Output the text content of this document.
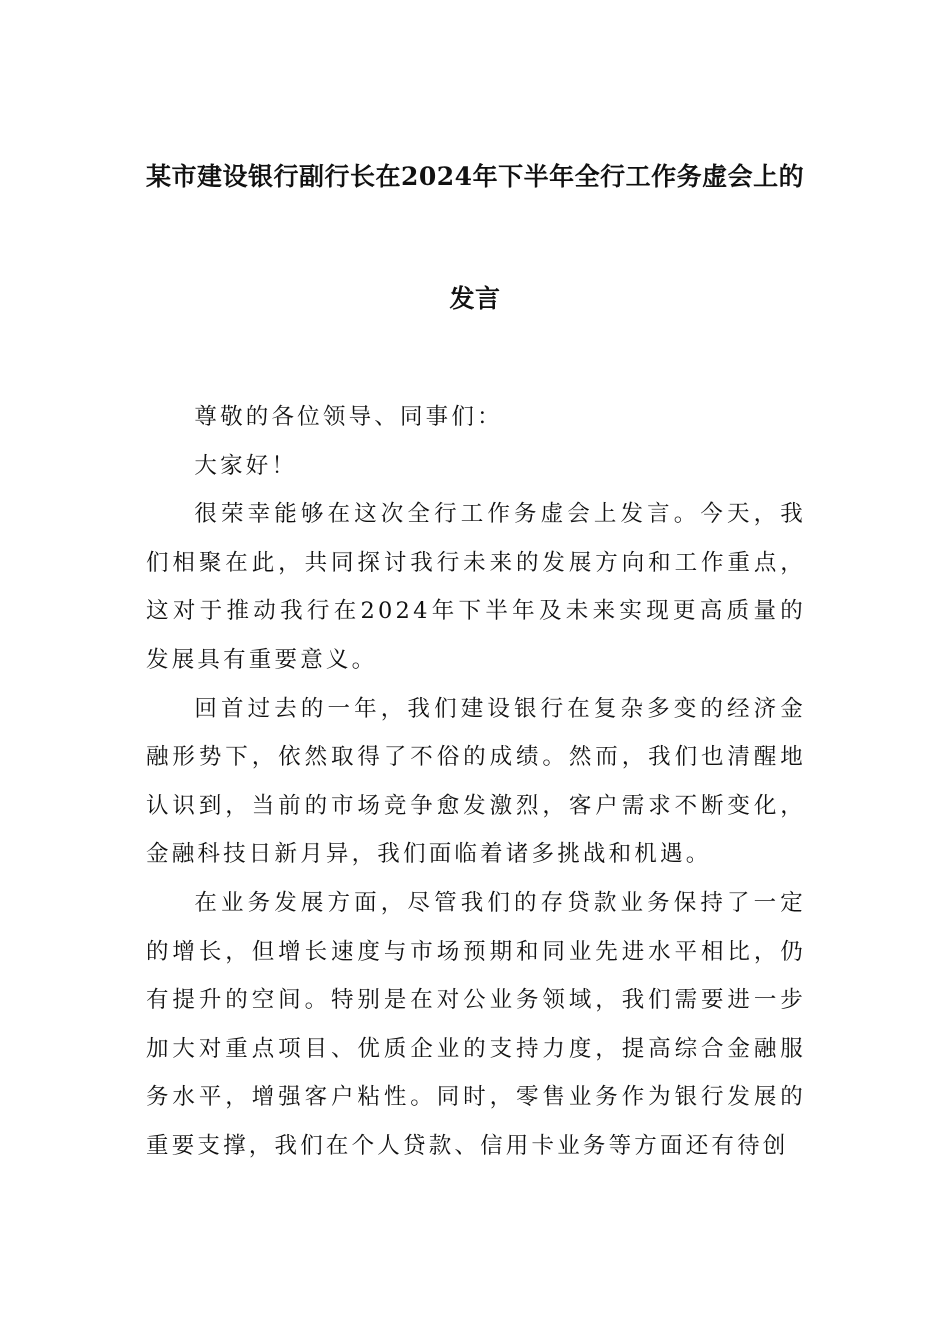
某市建设银行副行长在2024年下半年全行工作务虚会上的
发言

尊敬的各位领导、同事们：

大家好！

很荣幸能够在这次全行工作务虚会上发言。今天，我们相聚在此，共同探讨我行未来的发展方向和工作重点，这对于推动我行在2024年下半年及未来实现更高质量的发展具有重要意义。

回首过去的一年，我们建设银行在复杂多变的经济金融形势下，依然取得了不俗的成绩。然而，我们也清醒地认识到，当前的市场竞争愈发激烈，客户需求不断变化，金融科技日新月异，我们面临着诸多挑战和机遇。

在业务发展方面，尽管我们的存贷款业务保持了一定的增长，但增长速度与市场预期和同业先进水平相比，仍有提升的空间。特别是在对公业务领域，我们需要进一步加大对重点项目、优质企业的支持力度，提高综合金融服务水平，增强客户粘性。同时，零售业务作为银行发展的重要支撑，我们在个人贷款、信用卡业务等方面还有待创
